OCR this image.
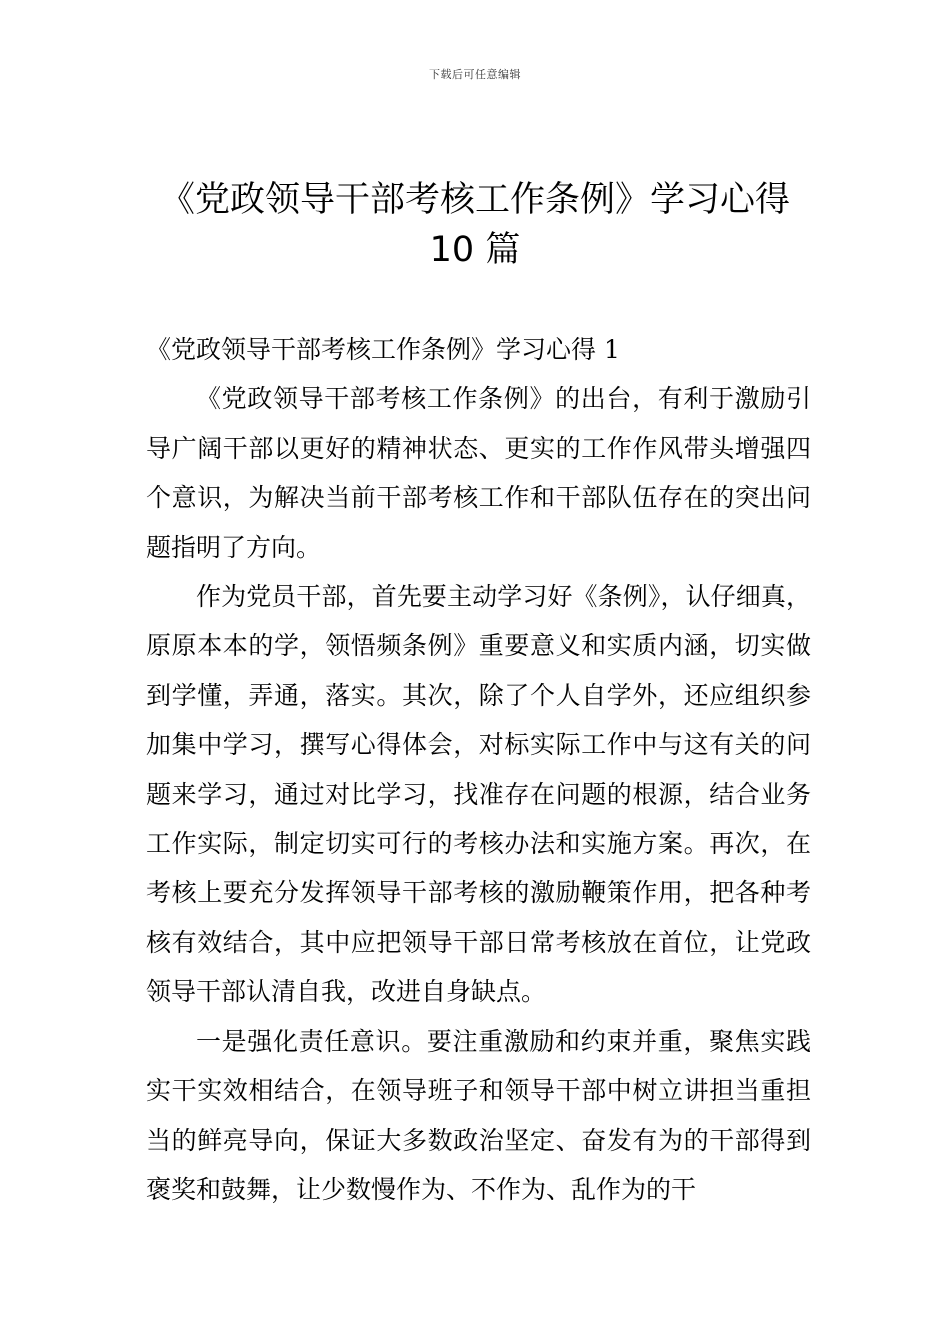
下载后可任意编辑
《党政领导干部考核工作条例》学习心得
10 篇
《党政领导干部考核工作条例》学习心得 1

《党政领导干部考核工作条例》的出台，有利于激励引导广阔干部以更好的精神状态、更实的工作作风带头增强四个意识，为解决当前干部考核工作和干部队伍存在的突出问题指明了方向。

作为党员干部，首先要主动学习好《条例》，认仔细真，原原本本的学，领悟频条例》重要意义和实质内涵，切实做到学懂，弄通，落实。其次，除了个人自学外，还应组织参加集中学习，撰写心得体会，对标实际工作中与这有关的问题来学习，通过对比学习，找准存在问题的根源，结合业务工作实际，制定切实可行的考核办法和实施方案。再次，在考核上要充分发挥领导干部考核的激励鞭策作用，把各种考核有效结合，其中应把领导干部日常考核放在首位，让党政领导干部认清自我，改进自身缺点。

一是强化责任意识。要注重激励和约束并重，聚焦实践实干实效相结合，在领导班子和领导干部中树立讲担当重担当的鲜亮导向，保证大多数政治坚定、奋发有为的干部得到褒奖和鼓舞，让少数慢作为、不作为、乱作为的干
